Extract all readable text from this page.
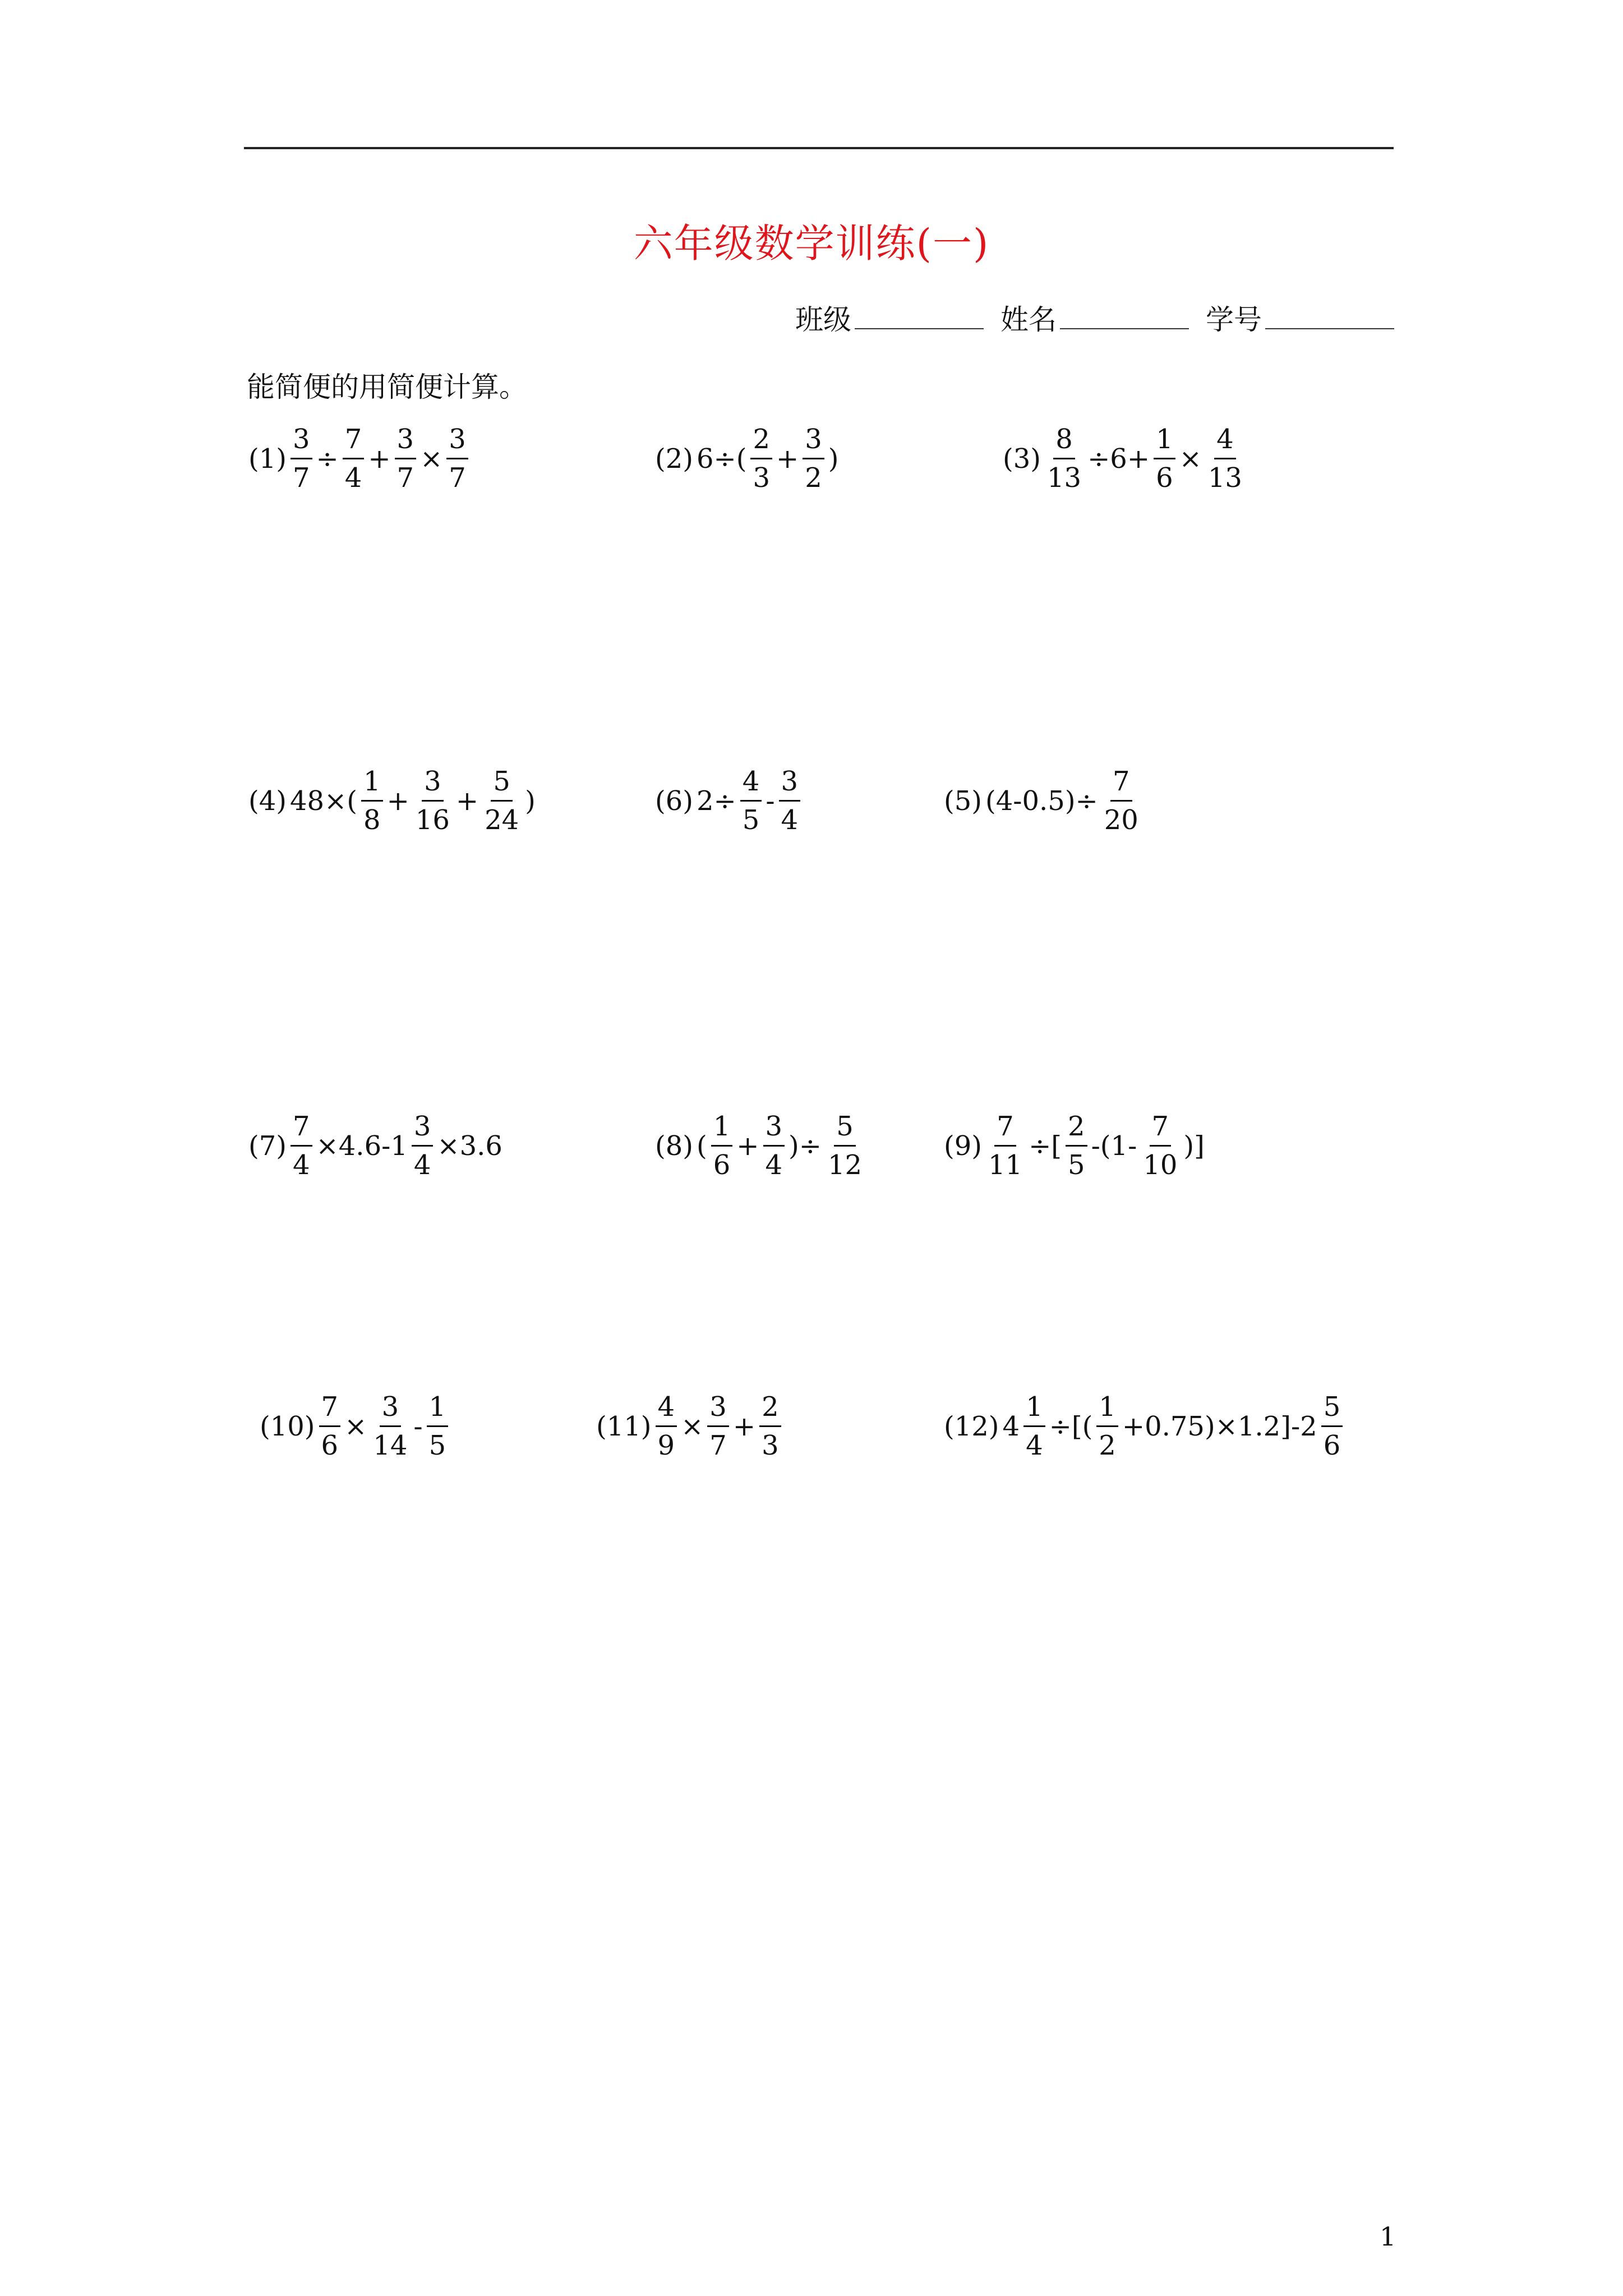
六年级数学训练(一)
班级	姓名	学号
能简便的用简便计算。
$(1) \frac{3}{7} \div \frac{7}{4} + \frac{3}{7} \times \frac{3}{7}$	(2) $6\div( \frac{2}{3} + \frac{3}{2}$ )	$(3) \frac{8}{13} \div 6+ \frac{1}{6} \times \frac{4}{13}$
(4) $48\times( \frac{1}{8} + \frac{3}{16} + \frac{5}{24}$ )	(6) $2\div \frac{4}{5} - \frac{3}{4}$	(5) $(4-0.5)\div \frac{7}{20}$
$(7) \frac{7}{4} \times 4.6-1 \frac{3}{4} \times 3.6$	(8) ( $\frac{1}{6} + \frac{3}{4}$ )÷ $\frac{5}{12}$	$(9) \frac{7}{11}$ ÷[ $\frac{2}{5} -(1- \frac{7}{10}$ )]
$(10) \frac{7}{6} \times \frac{3}{14} - \frac{1}{5}$	$(11) \frac{4}{9} \times \frac{3}{7} + \frac{2}{3}$	(12) $4 \frac{1}{4}$ ÷[( $\frac{1}{2} +0.75)\times 1.2]-2 \frac{5}{6}$
1
